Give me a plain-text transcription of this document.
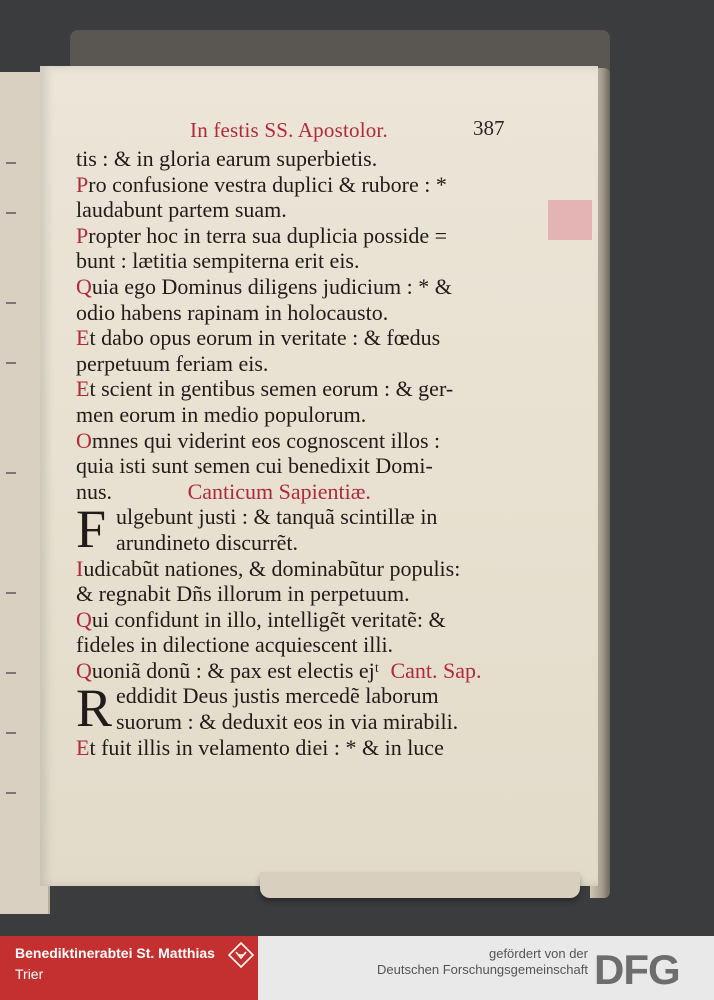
In festis SS. Apostolor.	387
tis : & in gloria earum superbietis.
Pro confusione vestra duplici & rubore : *
laudabunt partem suam.
Propter hoc in terra sua duplicia posside =
bunt : lætitia sempiterna erit eis.
Quia ego Dominus diligens judicium : * &
odio habens rapinam in holocausto.
Et dabo opus eorum in veritate : & fœdus
perpetuum feriam eis.
Et scient in gentibus semen eorum : & ger-
men eorum in medio populorum.
Omnes qui viderint eos cognoscent illos :
quia isti sunt semen cui benedixit Domi-
nus.	Canticum Sapientiæ.
F ulgebunt justi : & tanquã scintillæ in
arundineto discurrẽt.
Iudicabũt nationes, & dominabũtur populis:
& regnabit Dñs illorum in perpetuum.
Qui confidunt in illo, intelligẽt veritatẽ: &
fideles in dilectione acquiescent illi.
Quoniã donũ : & pax est electis ejᵗ Cant. Sap.
R eddidit Deus justis mercedẽ laborum
suorum : & deduxit eos in via mirabili.
Et fuit illis in velamento diei : * & in luce
Benediktinerabtei St. Matthias
Trier
gefördert von der
Deutschen Forschungsgemeinschaft DFG
